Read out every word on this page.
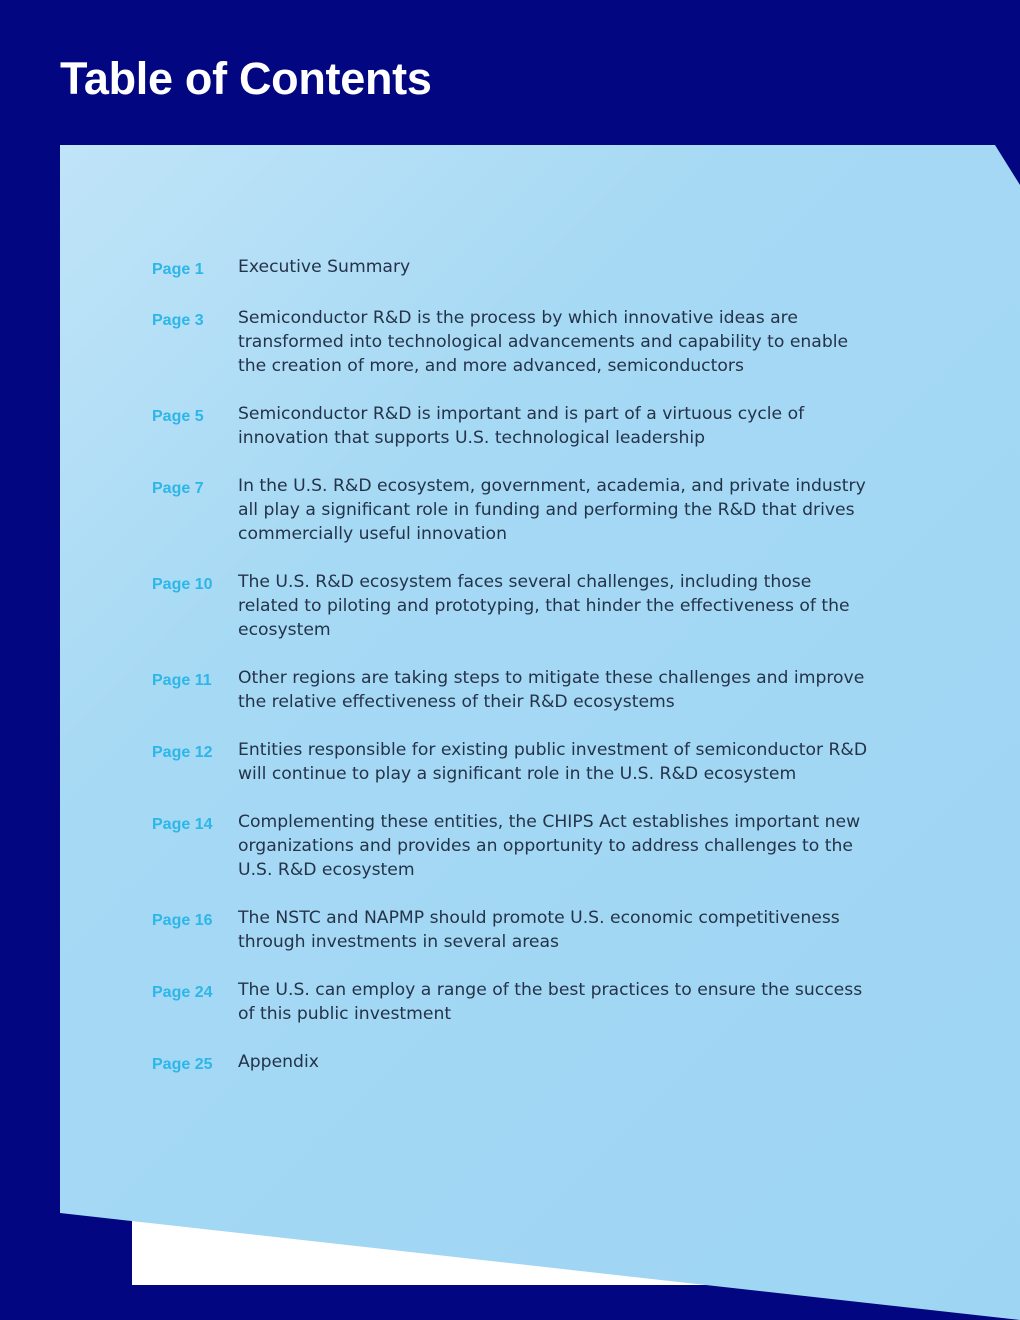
Table of Contents
Page 1	Executive Summary
Page 3	Semiconductor R&D is the process by which innovative ideas are transformed into technological advancements and capability to enable the creation of more, and more advanced, semiconductors
Page 5	Semiconductor R&D is important and is part of a virtuous cycle of innovation that supports U.S. technological leadership
Page 7	In the U.S. R&D ecosystem, government, academia, and private industry all play a significant role in funding and performing the R&D that drives commercially useful innovation
Page 10	The U.S. R&D ecosystem faces several challenges, including those related to piloting and prototyping, that hinder the effectiveness of the ecosystem
Page 11	Other regions are taking steps to mitigate these challenges and improve the relative effectiveness of their R&D ecosystems
Page 12	Entities responsible for existing public investment of semiconductor R&D will continue to play a significant role in the U.S. R&D ecosystem
Page 14	Complementing these entities, the CHIPS Act establishes important new organizations and provides an opportunity to address challenges to the U.S. R&D ecosystem
Page 16	The NSTC and NAPMP should promote U.S. economic competitiveness through investments in several areas
Page 24	The U.S. can employ a range of the best practices to ensure the success of this public investment
Page 25	Appendix
